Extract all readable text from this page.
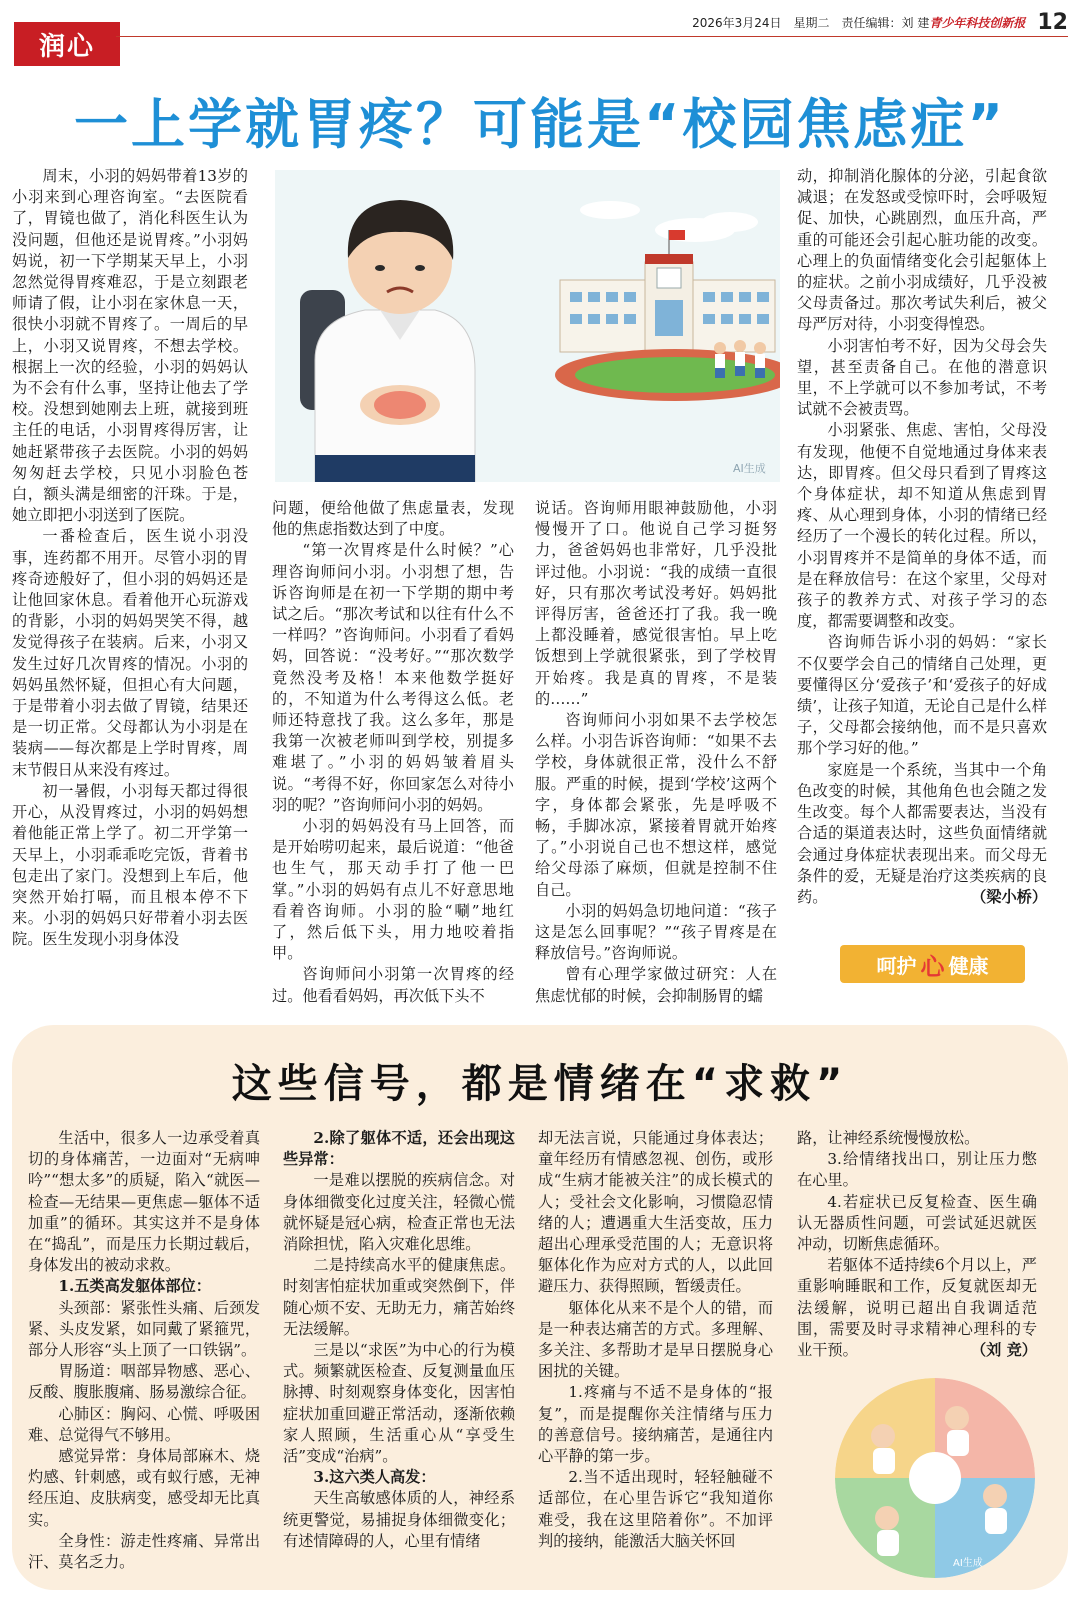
润心
2026年3月24日 星期二 责任编辑：刘 建青少年科技创新报 12
一上学就胃疼？可能是“校园焦虑症”

周末，小羽的妈妈带着13岁的小羽来到心理咨询室。“去医院看了，胃镜也做了，消化科医生认为没问题，但他还是说胃疼。”小羽妈妈说，初一下学期某天早上，小羽忽然觉得胃疼难忍，于是立刻跟老师请了假，让小羽在家休息一天，很快小羽就不胃疼了。一周后的早上，小羽又说胃疼，不想去学校。根据上一次的经验，小羽的妈妈认为不会有什么事，坚持让他去了学校。没想到她刚去上班，就接到班主任的电话，小羽胃疼得厉害，让她赶紧带孩子去医院。小羽的妈妈匆匆赶去学校，只见小羽脸色苍白，额头满是细密的汗珠。于是，她立即把小羽送到了医院。

一番检查后，医生说小羽没事，连药都不用开。尽管小羽的胃疼奇迹般好了，但小羽的妈妈还是让他回家休息。看着他开心玩游戏的背影，小羽的妈妈哭笑不得，越发觉得孩子在装病。后来，小羽又发生过好几次胃疼的情况。小羽的妈妈虽然怀疑，但担心有大问题，于是带着小羽去做了胃镜，结果还是一切正常。父母都认为小羽是在装病——每次都是上学时胃疼，周末节假日从来没有疼过。

初一暑假，小羽每天都过得很开心，从没胃疼过，小羽的妈妈想着他能正常上学了。初二开学第一天早上，小羽乖乖吃完饭，背着书包走出了家门。没想到上车后，他突然开始打嗝，而且根本停不下来。小羽的妈妈只好带着小羽去医院。医生发现小羽身体没

AI生成

问题，便给他做了焦虑量表，发现他的焦虑指数达到了中度。

“第一次胃疼是什么时候？”心理咨询师问小羽。小羽想了想，告诉咨询师是在初一下学期的期中考试之后。“那次考试和以往有什么不一样吗？”咨询师问。小羽看了看妈妈，回答说：“没考好。”“那次数学竟然没考及格！本来他数学挺好的，不知道为什么考得这么低。老师还特意找了我。这么多年，那是我第一次被老师叫到学校，别提多难堪了。”小羽的妈妈皱着眉头说。“考得不好，你回家怎么对待小羽的呢？”咨询师问小羽的妈妈。

小羽的妈妈没有马上回答，而是开始唠叨起来，最后说道：“他爸也生气，那天动手打了他一巴掌。”小羽的妈妈有点儿不好意思地看着咨询师。小羽的脸“唰”地红了，然后低下头，用力地咬着指甲。

咨询师问小羽第一次胃疼的经过。他看看妈妈，再次低下头不

说话。咨询师用眼神鼓励他，小羽慢慢开了口。他说自己学习挺努力，爸爸妈妈也非常好，几乎没批评过他。小羽说：“我的成绩一直很好，只有那次考试没考好。妈妈批评得厉害，爸爸还打了我。我一晚上都没睡着，感觉很害怕。早上吃饭想到上学就很紧张，到了学校胃开始疼。我是真的胃疼，不是装的……”

咨询师问小羽如果不去学校怎么样。小羽告诉咨询师：“如果不去学校，身体就很正常，没什么不舒服。严重的时候，提到‘学校’这两个字，身体都会紧张，先是呼吸不畅，手脚冰凉，紧接着胃就开始疼了。”小羽说自己也不想这样，感觉给父母添了麻烦，但就是控制不住自己。

小羽的妈妈急切地问道：“孩子这是怎么回事呢？”“孩子胃疼是在释放信号。”咨询师说。

曾有心理学家做过研究：人在焦虑忧郁的时候，会抑制肠胃的蠕

动，抑制消化腺体的分泌，引起食欲减退；在发怒或受惊吓时，会呼吸短促、加快，心跳剧烈，血压升高，严重的可能还会引起心脏功能的改变。心理上的负面情绪变化会引起躯体上的症状。之前小羽成绩好，几乎没被父母责备过。那次考试失利后，被父母严厉对待，小羽变得惶恐。

小羽害怕考不好，因为父母会失望，甚至责备自己。在他的潜意识里，不上学就可以不参加考试，不考试就不会被责骂。

小羽紧张、焦虑、害怕，父母没有发现，他便不自觉地通过身体来表达，即胃疼。但父母只看到了胃疼这个身体症状，却不知道从焦虑到胃疼、从心理到身体，小羽的情绪已经经历了一个漫长的转化过程。所以，小羽胃疼并不是简单的身体不适，而是在释放信号：在这个家里，父母对孩子的教养方式、对孩子学习的态度，都需要调整和改变。

咨询师告诉小羽的妈妈：“家长不仅要学会自己的情绪自己处理，更要懂得区分‘爱孩子’和‘爱孩子的好成绩’，让孩子知道，无论自己是什么样子，父母都会接纳他，而不是只喜欢那个学习好的他。”

家庭是一个系统，当其中一个角色改变的时候，其他角色也会随之发生改变。每个人都需要表达，当没有合适的渠道表达时，这些负面情绪就会通过身体症状表现出来。而父母无条件的爱，无疑是治疗这类疾病的良药。	（梁小桥）

呵护 心 健康
这些信号，都是情绪在“求救”

生活中，很多人一边承受着真切的身体痛苦，一边面对“无病呻吟”“想太多”的质疑，陷入“就医—检查—无结果—更焦虑—躯体不适加重”的循环。其实这并不是身体在“捣乱”，而是压力长期过载后，身体发出的被动求救。

1.五类高发躯体部位：

头颈部：紧张性头痛、后颈发紧、头皮发紧，如同戴了紧箍咒，部分人形容“头上顶了一口铁锅”。

胃肠道：咽部异物感、恶心、反酸、腹胀腹痛、肠易激综合征。

心肺区：胸闷、心慌、呼吸困难、总觉得气不够用。

感觉异常：身体局部麻木、烧灼感、针刺感，或有蚁行感，无神经压迫、皮肤病变，感受却无比真实。

全身性：游走性疼痛、异常出汗、莫名乏力。

2.除了躯体不适，还会出现这些异常：

一是难以摆脱的疾病信念。对身体细微变化过度关注，轻微心慌就怀疑是冠心病，检查正常也无法消除担忧，陷入灾难化思维。

二是持续高水平的健康焦虑。时刻害怕症状加重或突然倒下，伴随心烦不安、无助无力，痛苦始终无法缓解。

三是以“求医”为中心的行为模式。频繁就医检查、反复测量血压脉搏、时刻观察身体变化，因害怕症状加重回避正常活动，逐渐依赖家人照顾，生活重心从“享受生活”变成“治病”。

3.这六类人高发：

天生高敏感体质的人，神经系统更警觉，易捕捉身体细微变化；有述情障碍的人，心里有情绪

却无法言说，只能通过身体表达；童年经历有情感忽视、创伤，或形成“生病才能被关注”的成长模式的人；受社会文化影响，习惯隐忍情绪的人；遭遇重大生活变故，压力超出心理承受范围的人；无意识将躯体化作为应对方式的人，以此回避压力、获得照顾，暂缓责任。

躯体化从来不是个人的错，而是一种表达痛苦的方式。多理解、多关注、多帮助才是早日摆脱身心困扰的关键。

1.疼痛与不适不是身体的“报复”，而是提醒你关注情绪与压力的善意信号。接纳痛苦，是通往内心平静的第一步。

2.当不适出现时，轻轻触碰不适部位，在心里告诉它“我知道你难受，我在这里陪着你”。不加评判的接纳，能激活大脑关怀回

路，让神经系统慢慢放松。

3.给情绪找出口，别让压力憋在心里。

4.若症状已反复检查、医生确认无器质性问题，可尝试延迟就医冲动，切断焦虑循环。

若躯体不适持续6个月以上，严重影响睡眠和工作，反复就医却无法缓解，说明已超出自我调适范围，需要及时寻求精神心理科的专业干预。	（刘 竞）

AI生成
